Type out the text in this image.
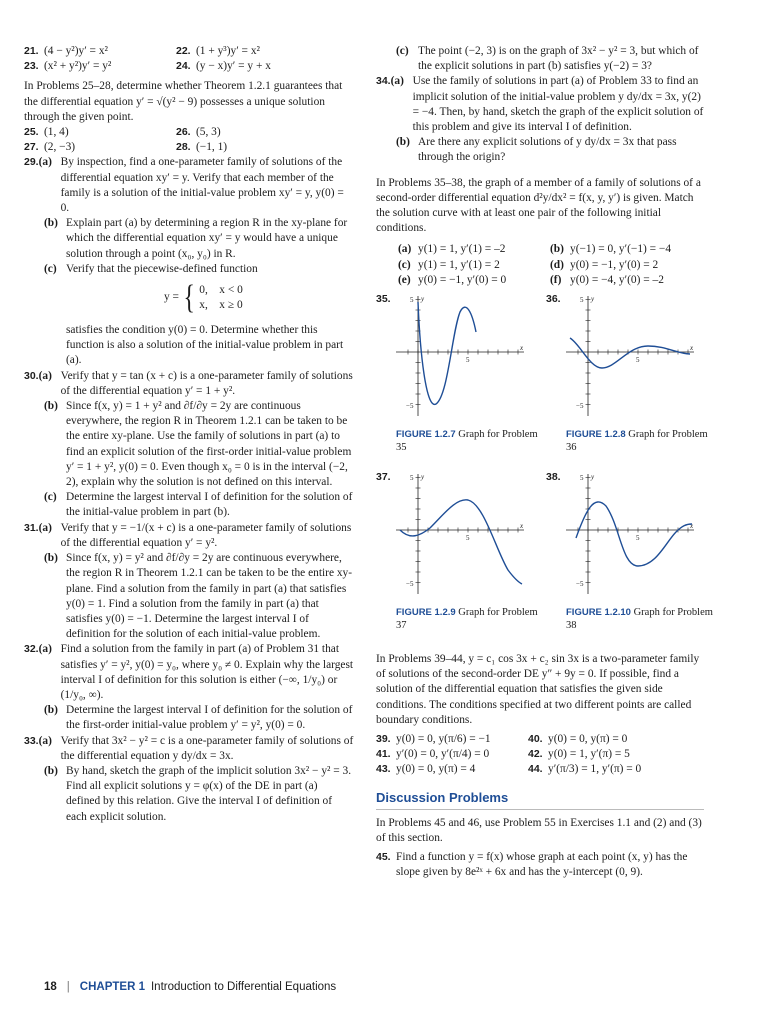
21. (4 − y²)y′ = x²	22. (1 + y³)y′ = x²
23. (x² + y²)y′ = y²	24. (y − x)y′ = y + x

In Problems 25–28, determine whether Theorem 1.2.1 guarantees that the differential equation y′ = √(y² − 9) possesses a unique solution through the given point.

25. (1, 4)	26. (5, 3)
27. (2, −3)	28. (−1, 1)
29. (a) By inspection, find a one-parameter family of solutions of the differential equation xy′ = y. Verify that each member of the family is a solution of the initial-value problem xy′ = y, y(0) = 0.
(b) Explain part (a) by determining a region R in the xy-plane for which the differential equation xy′ = y would have a unique solution through a point (x₀, y₀) in R.
(c) Verify that the piecewise-defined function
y = { 0, x < 0
x, x ≥ 0

satisfies the condition y(0) = 0. Determine whether this function is also a solution of the initial-value problem in part (a).

30. (a) Verify that y = tan (x + c) is a one-parameter family of solutions of the differential equation y′ = 1 + y².
(b) Since f(x, y) = 1 + y² and ∂f/∂y = 2y are continuous everywhere, the region R in Theorem 1.2.1 can be taken to be the entire xy-plane. Use the family of solutions in part (a) to find an explicit solution of the first-order initial-value problem y′ = 1 + y², y(0) = 0. Even though x₀ = 0 is in the interval (−2, 2), explain why the solution is not defined on this interval.
(c) Determine the largest interval I of definition for the solution of the initial-value problem in part (b).
31. (a) Verify that y = −1/(x + c) is a one-parameter family of solutions of the differential equation y′ = y².
(b) Since f(x, y) = y² and ∂f/∂y = 2y are continuous everywhere, the region R in Theorem 1.2.1 can be taken to be the entire xy-plane. Find a solution from the family in part (a) that satisfies y(0) = 1. Find a solution from the family in part (a) that satisfies y(0) = −1. Determine the largest interval I of definition for the solution of each initial-value problem.
32. (a) Find a solution from the family in part (a) of Problem 31 that satisfies y′ = y², y(0) = y₀, where y₀ ≠ 0. Explain why the largest interval I of definition for this solution is either (−∞, 1/y₀) or (1/y₀, ∞).
(b) Determine the largest interval I of definition for the solution of the first-order initial-value problem y′ = y², y(0) = 0.
33. (a) Verify that 3x² − y² = c is a one-parameter family of solutions of the differential equation y dy/dx = 3x.
(b) By hand, sketch the graph of the implicit solution 3x² − y² = 3. Find all explicit solutions y = φ(x) of the DE in part (a) defined by this relation. Give the interval I of definition of each explicit solution.
(c) The point (−2, 3) is on the graph of 3x² − y² = 3, but which of the explicit solutions in part (b) satisfies y(−2) = 3?
34. (a) Use the family of solutions in part (a) of Problem 33 to find an implicit solution of the initial-value problem y dy/dx = 3x, y(2) = −4. Then, by hand, sketch the graph of the explicit solution of this problem and give its interval I of definition.
(b) Are there any explicit solutions of y dy/dx = 3x that pass through the origin?

In Problems 35–38, the graph of a member of a family of solutions of a second-order differential equation d²y/dx² = f(x, y, y′) is given. Match the solution curve with at least one pair of the following initial conditions.

(a) y(1) = 1, y′(1) = –2	(b) y(−1) = 0, y′(−1) = −4
(c) y(1) = 1, y′(1) = 2	(d) y(0) = −1, y′(0) = 2
(e) y(0) = −1, y′(0) = 0	(f) y(0) = −4, y′(0) = –2
35.	y
x
5
−5
5
FIGURE 1.2.7 Graph for Problem 35
36.	y
x
5
−5
5
FIGURE 1.2.8 Graph for Problem 36
37.	y
x
5
−5
5
FIGURE 1.2.9 Graph for Problem 37
38.	y
x
5
−5
5
FIGURE 1.2.10 Graph for Problem 38

In Problems 39–44, y = c₁ cos 3x + c₂ sin 3x is a two-parameter family of solutions of the second-order DE y″ + 9y = 0. If possible, find a solution of the differential equation that satisfies the given side conditions. The conditions specified at two different points are called boundary conditions.

39. y(0) = 0, y(π/6) = −1	40. y(0) = 0, y(π) = 0
41. y′(0) = 0, y′(π/4) = 0	42. y(0) = 1, y′(π) = 5
43. y(0) = 0, y(π) = 4	44. y′(π/3) = 1, y′(π) = 0
Discussion Problems

In Problems 45 and 46, use Problem 55 in Exercises 1.1 and (2) and (3) of this section.

45. Find a function y = f(x) whose graph at each point (x, y) has the slope given by 8e²ˣ + 6x and has the y-intercept (0, 9).
18 | CHAPTER 1 Introduction to Differential Equations
